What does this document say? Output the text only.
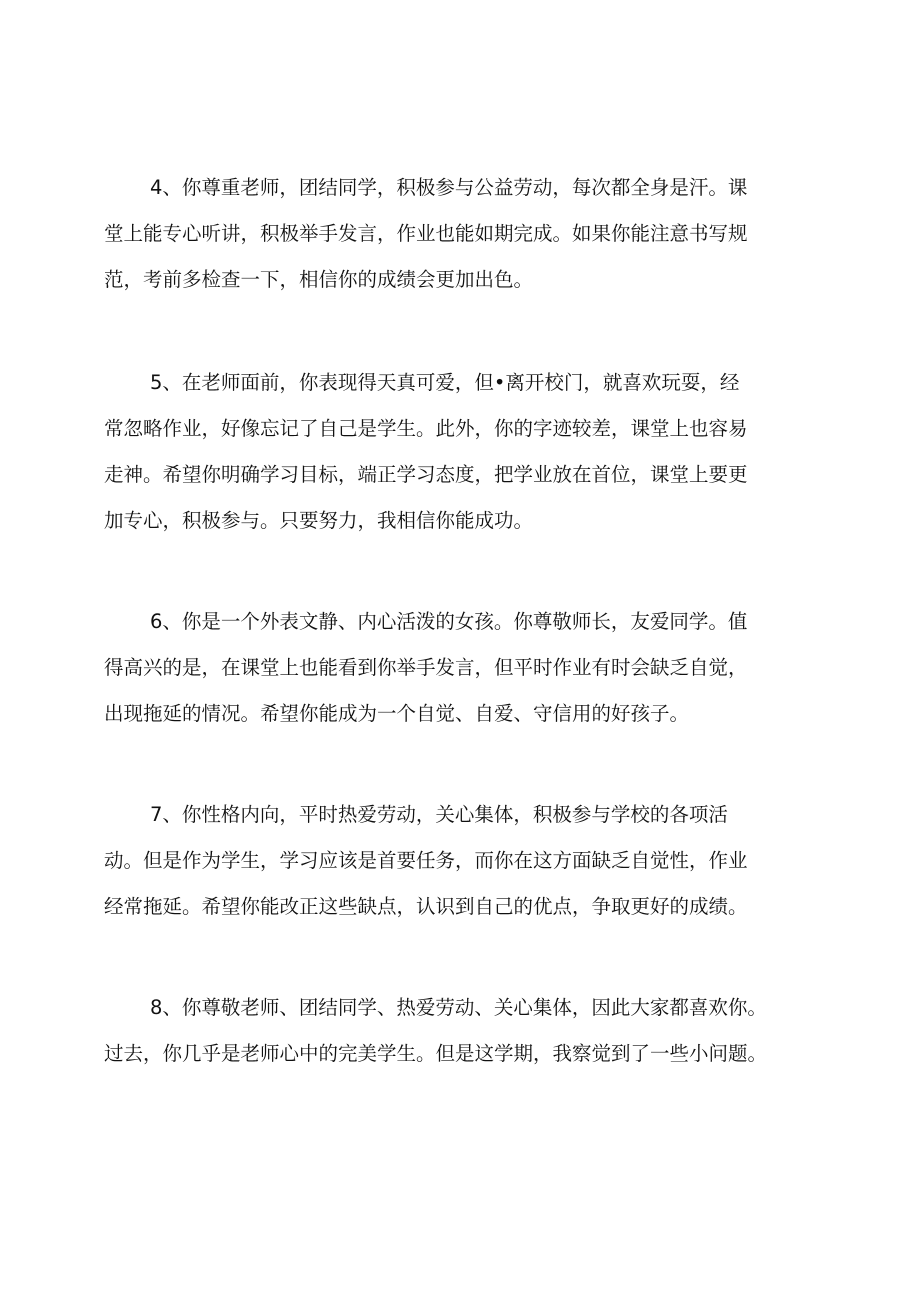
4、你尊重老师，团结同学，积极参与公益劳动，每次都全身是汗。课
堂上能专心听讲，积极举手发言，作业也能如期完成。如果你能注意书写规
范，考前多检查一下，相信你的成绩会更加出色。
5、在老师面前，你表现得天真可爱，但•离开校门，就喜欢玩耍，经
常忽略作业，好像忘记了自己是学生。此外，你的字迹较差，课堂上也容易
走神。希望你明确学习目标，端正学习态度，把学业放在首位，课堂上要更
加专心，积极参与。只要努力，我相信你能成功。
6、你是一个外表文静、内心活泼的女孩。你尊敬师长，友爱同学。值
得高兴的是，在课堂上也能看到你举手发言，但平时作业有时会缺乏自觉，
出现拖延的情况。希望你能成为一个自觉、自爱、守信用的好孩子。
7、你性格内向，平时热爱劳动，关心集体，积极参与学校的各项活
动。但是作为学生，学习应该是首要任务，而你在这方面缺乏自觉性，作业
经常拖延。希望你能改正这些缺点，认识到自己的优点，争取更好的成绩。
8、你尊敬老师、团结同学、热爱劳动、关心集体，因此大家都喜欢你。
过去，你几乎是老师心中的完美学生。但是这学期，我察觉到了一些小问题。
